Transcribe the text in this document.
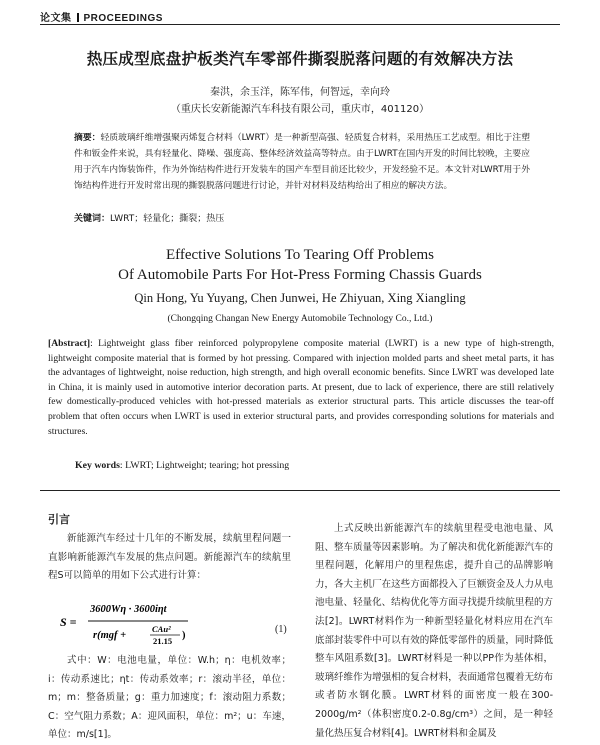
论文集 PROCEEDINGS
热压成型底盘护板类汽车零部件撕裂脱落问题的有效解决方法
秦洪，余玉洋，陈军伟，何智远，幸向玲
（重庆长安新能源汽车科技有限公司，重庆市，401120）
摘要：轻质玻璃纤维增强聚丙烯复合材料（LWRT）是一种新型高强、轻质复合材料，采用热压工艺成型。相比于注塑件和钣金件来说，具有轻量化、降噪、强度高、整体经济效益高等特点。由于LWRT在国内开发的时间比较晚，主要应用于汽车内饰装饰件，作为外饰结构件进行开发装车的国产车型目前还比较少，开发经验不足。本文针对LWRT用于外饰结构件进行开发时常出现的撕裂脱落问题进行讨论，并针对材料及结构给出了相应的解决方法。
关键词：LWRT；轻量化；撕裂；热压
Effective Solutions To Tearing Off Problems
Of Automobile Parts For Hot-Press Forming Chassis Guards
Qin Hong, Yu Yuyang, Chen Junwei, He Zhiyuan, Xing Xiangling
(Chongqing Changan New Energy Automobile Technology Co., Ltd.)
[Abstract]: Lightweight glass fiber reinforced polypropylene composite material (LWRT) is a new type of high-strength, lightweight composite material that is formed by hot pressing. Compared with injection molded parts and sheet metal parts, it has the advantages of lightweight, noise reduction, high strength, and high overall economic benefits. Since LWRT was developed late in China, it is mainly used in automotive interior decoration parts. At present, due to lack of experience, there are still relatively few domestically-produced vehicles with hot-pressed materials as exterior structural parts. This article discusses the tear-off problem that often occurs when LWRT is used in exterior structural parts, and provides corresponding solutions for materials and structures.
Key words: LWRT; Lightweight; tearing; hot pressing
引言
新能源汽车经过十几年的不断发展，续航里程问题一直影响新能源汽车发展的焦点问题。新能源汽车的续航里程S可以简单的用如下公式进行计算：
S =
3600Wη · 3600iηt
r(mgf +
CAu²
21.15 )
(1)
式中：W：电池电量，单位：W.h；η：电机效率；i：传动系速比；ηt：传动系效率；r：滚动半径，单位：m；m：整备质量；g：重力加速度；f：滚动阻力系数；C：空气阻力系数；A：迎风面积，单位：m²；u：车速，单位：m/s[1]。
上式反映出新能源汽车的续航里程受电池电量、风阻、整车质量等因素影响。为了解决和优化新能源汽车的里程问题，化解用户的里程焦虑，提升自己的品牌影响力，各大主机厂在这些方面都投入了巨额资金及人力从电池电量、轻量化、结构优化等方面寻找提升续航里程的方法[2]。LWRT材料作为一种新型轻量化材料应用在汽车底部封装零件中可以有效的降低零部件的质量，同时降低整车风阻系数[3]。LWRT材料是一种以PP作为基体相，玻璃纤维作为增强相的复合材料，表面通常包覆着无纺布或者防水钢化膜。LWRT材料的面密度一般在300-2000g/m²（体积密度0.2-0.8g/cm³）之间，是一种轻量化热压复合材料[4]。LWRT材料和金属及
